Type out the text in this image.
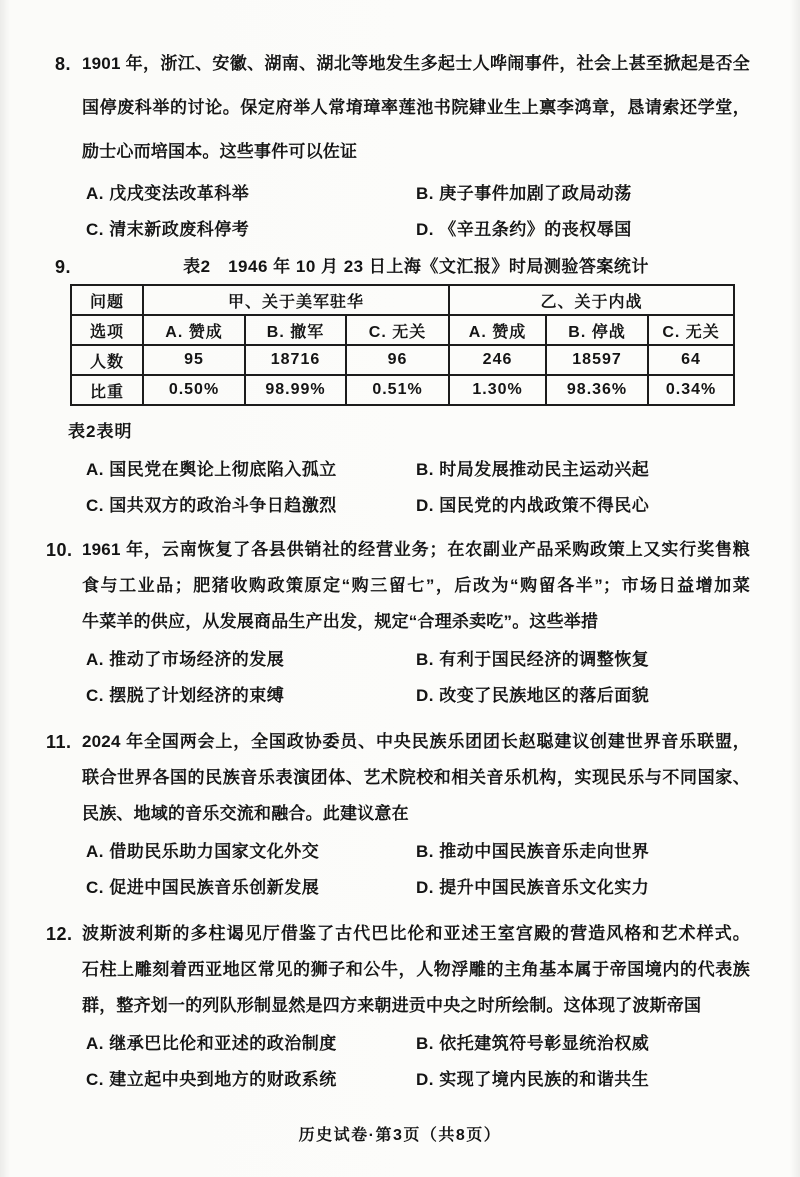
8. 1901 年，浙江、安徽、湖南、湖北等地发生多起士人哗闹事件，社会上甚至掀起是否全
国停废科举的讨论。保定府举人常堉璋率莲池书院肄业生上禀李鸿章，恳请索还学堂，
励士心而培国本。这些事件可以佐证
A. 戊戌变法改革科举	B. 庚子事件加剧了政局动荡
C. 清末新政废科停考	D. 《辛丑条约》的丧权辱国
9.	表2　1946 年 10 月 23 日上海《文汇报》时局测验答案统计
问题	甲、关于美军驻华			乙、关于内战		
选项	A. 赞成	B. 撤军	C. 无关	A. 赞成	B. 停战	C. 无关
人数	95	18716	96	246	18597	64
比重	0.50%	98.99%	0.51%	1.30%	98.36%	0.34%
表2表明
A. 国民党在舆论上彻底陷入孤立	B. 时局发展推动民主运动兴起
C. 国共双方的政治斗争日趋激烈	D. 国民党的内战政策不得民心
10. 1961 年，云南恢复了各县供销社的经营业务；在农副业产品采购政策上又实行奖售粮
食与工业品；肥猪收购政策原定“购三留七”，后改为“购留各半”；市场日益增加菜
牛菜羊的供应，从发展商品生产出发，规定“合理杀卖吃”。这些举措
A. 推动了市场经济的发展	B. 有利于国民经济的调整恢复
C. 摆脱了计划经济的束缚	D. 改变了民族地区的落后面貌
11. 2024 年全国两会上，全国政协委员、中央民族乐团团长赵聪建议创建世界音乐联盟，
联合世界各国的民族音乐表演团体、艺术院校和相关音乐机构，实现民乐与不同国家、
民族、地域的音乐交流和融合。此建议意在
A. 借助民乐助力国家文化外交	B. 推动中国民族音乐走向世界
C. 促进中国民族音乐创新发展	D. 提升中国民族音乐文化实力
12. 波斯波利斯的多柱谒见厅借鉴了古代巴比伦和亚述王室宫殿的营造风格和艺术样式。
石柱上雕刻着西亚地区常见的狮子和公牛，人物浮雕的主角基本属于帝国境内的代表族
群，整齐划一的列队形制显然是四方来朝进贡中央之时所绘制。这体现了波斯帝国
A. 继承巴比伦和亚述的政治制度	B. 依托建筑符号彰显统治权威
C. 建立起中央到地方的财政系统	D. 实现了境内民族的和谐共生
历史试卷·第3页（共8页）
